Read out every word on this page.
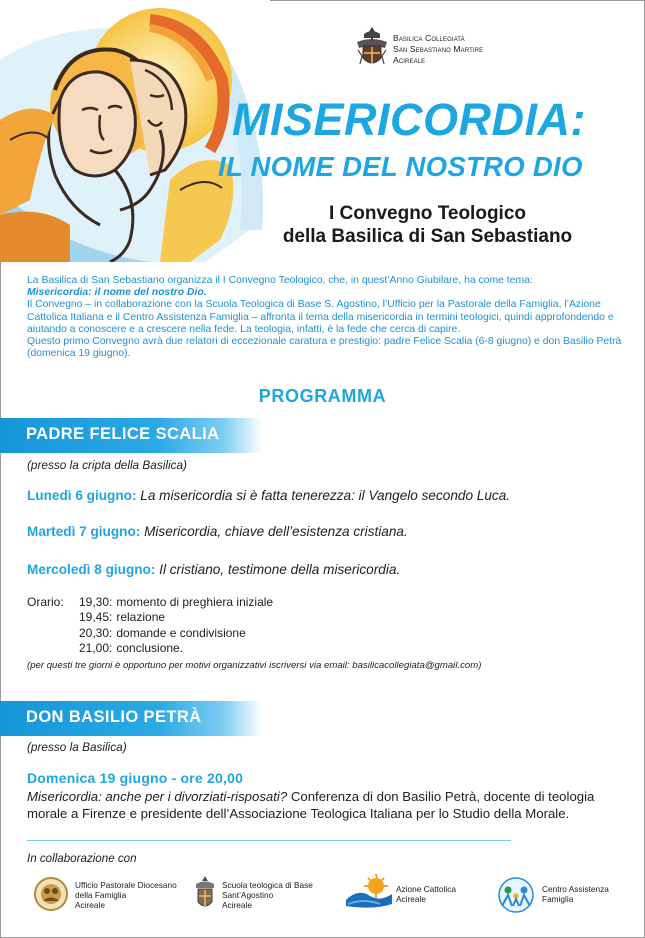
Basilica Collegiata
San Sebastiano Martire
Acireale
MISERICORDIA:
IL NOME DEL NOSTRO DIO
I Convegno Teologico
della Basilica di San Sebastiano
La Basilica di San Sebastiano organizza il I Convegno Teologico, che, in quest’Anno Giubilare, ha come tema:
Misericordia: il nome del nostro Dio.
Il Convegno – in collaborazione con la Scuola Teologica di Base S. Agostino, l’Ufficio per la Pastorale della Famiglia, l’Azione Cattolica Italiana e il Centro Assistenza Famiglia – affronta il tema della misericordia in termini teologici, quindi approfondendo e aiutando a conoscere e a crescere nella fede. La teologia, infatti, è la fede che cerca di capire.
Questo primo Convegno avrà due relatori di eccezionale caratura e prestigio: padre Felice Scalia (6-8 giugno) e don Basilio Petrà (domenica 19 giugno).
PROGRAMMA
PADRE FELICE SCALIA
(presso la cripta della Basilica)
Lunedì 6 giugno: La misericordia si è fatta tenerezza: il Vangelo secondo Luca.
Martedì 7 giugno: Misericordia, chiave dell’esistenza cristiana.
Mercoledì 8 giugno: Il cristiano, testimone della misericordia.
Orario: 19,30: momento di preghiera iniziale
19,45: relazione
20,30: domande e condivisione
21,00: conclusione.
(per questi tre giorni è opportuno per motivi organizzativi iscriversi via email: basilicacollegiata@gmail.com)
DON BASILIO PETRÀ
(presso la Basilica)
Domenica 19 giugno - ore 20,00
Misericordia: anche per i divorziati-risposati? Conferenza di don Basilio Petrà, docente di teologia morale a Firenze e presidente dell’Associazione Teologica Italiana per lo Studio della Morale.
In collaborazione con
Ufficio Pastorale Diocesano
della Famiglia
Acireale
Scuola teologica di Base
Sant’Agostino
Acireale
Azione Cattolica
Acireale
Centro Assistenza
Famiglia
